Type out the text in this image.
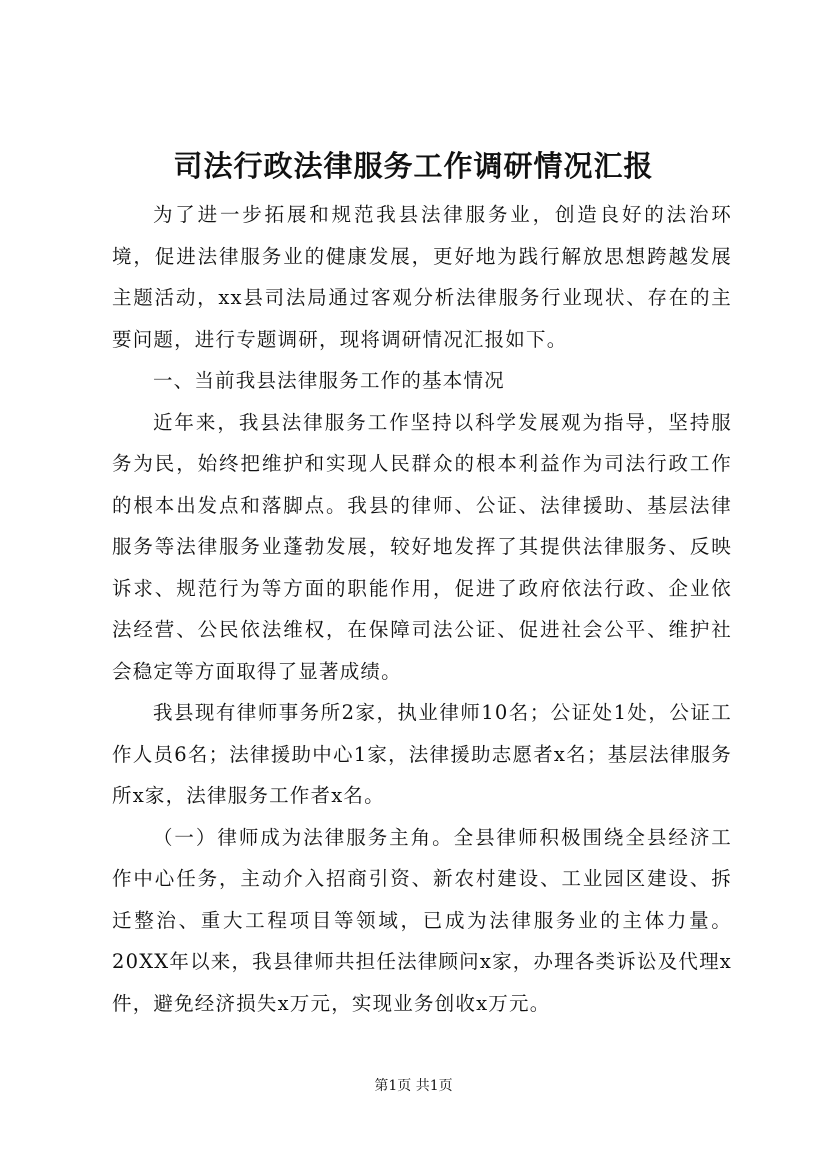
司法行政法律服务工作调研情况汇报

为了进一步拓展和规范我县法律服务业，创造良好的法治环境，促进法律服务业的健康发展，更好地为践行解放思想跨越发展主题活动，xx县司法局通过客观分析法律服务行业现状、存在的主要问题，进行专题调研，现将调研情况汇报如下。

一、当前我县法律服务工作的基本情况

近年来，我县法律服务工作坚持以科学发展观为指导，坚持服务为民，始终把维护和实现人民群众的根本利益作为司法行政工作的根本出发点和落脚点。我县的律师、公证、法律援助、基层法律服务等法律服务业蓬勃发展，较好地发挥了其提供法律服务、反映诉求、规范行为等方面的职能作用，促进了政府依法行政、企业依法经营、公民依法维权，在保障司法公证、促进社会公平、维护社会稳定等方面取得了显著成绩。

我县现有律师事务所2家，执业律师10名；公证处1处，公证工作人员6名；法律援助中心1家，法律援助志愿者x名；基层法律服务所x家，法律服务工作者x名。

（一）律师成为法律服务主角。全县律师积极围绕全县经济工作中心任务，主动介入招商引资、新农村建设、工业园区建设、拆迁整治、重大工程项目等领域，已成为法律服务业的主体力量。20XX年以来，我县律师共担任法律顾问x家，办理各类诉讼及代理x件，避免经济损失x万元，实现业务创收x万元。

第1页 共1页
